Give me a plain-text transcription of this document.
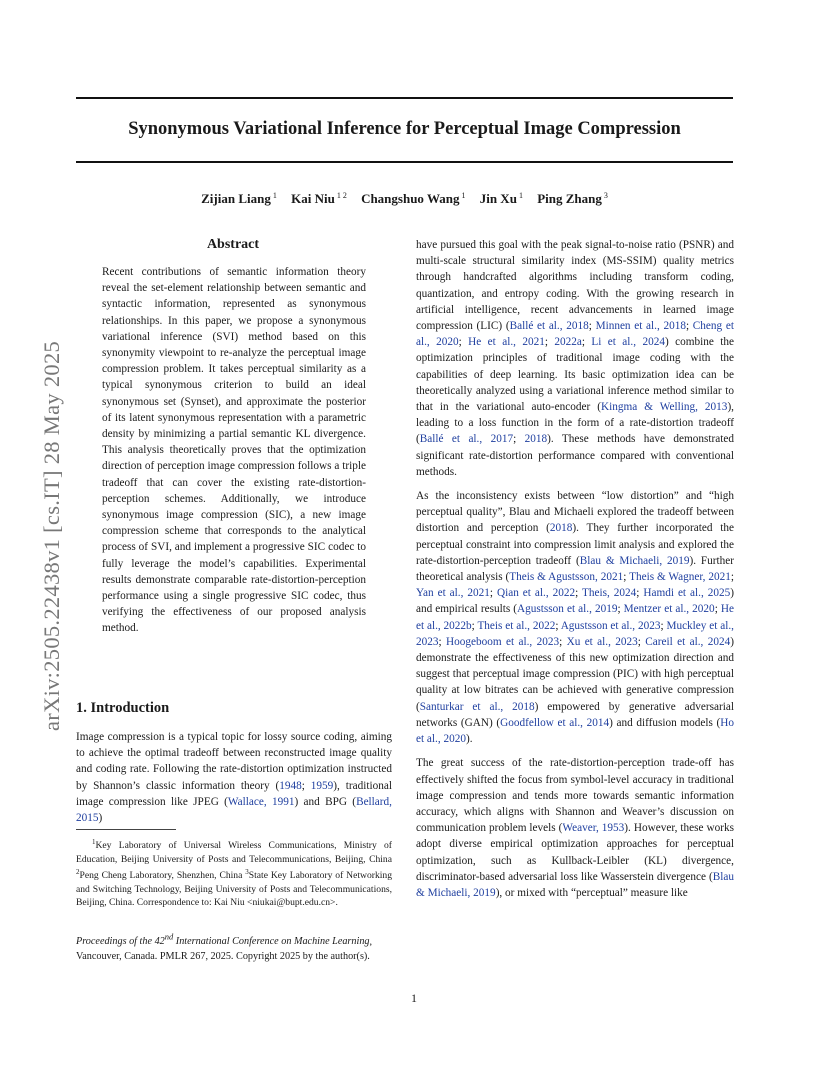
arXiv:2505.22438v1 [cs.IT] 28 May 2025
Synonymous Variational Inference for Perceptual Image Compression
Zijian Liang $^1$ Kai Niu $^{1 2}$ Changshuo Wang $^1$ Jin Xu $^1$ Ping Zhang $^3$
Abstract
Recent contributions of semantic information theory reveal the set-element relationship between semantic and syntactic information, represented as synonymous relationships. In this paper, we propose a synonymous variational inference (SVI) method based on this synonymity viewpoint to re-analyze the perceptual image compression problem. It takes perceptual similarity as a typical synonymous criterion to build an ideal synonymous set (Synset), and approximate the posterior of its latent synonymous representation with a parametric density by minimizing a partial semantic KL divergence. This analysis theoretically proves that the optimization direction of perception image compression follows a triple tradeoff that can cover the existing rate-distortion-perception schemes. Additionally, we introduce synonymous image compression (SIC), a new image compression scheme that corresponds to the analytical process of SVI, and implement a progressive SIC codec to fully leverage the model’s capabilities. Experimental results demonstrate comparable rate-distortion-perception performance using a single progressive SIC codec, thus verifying the effectiveness of our proposed analysis method.
1. Introduction
Image compression is a typical topic for lossy source coding, aiming to achieve the optimal tradeoff between reconstructed image quality and coding rate. Following the rate-distortion optimization instructed by Shannon’s classic information theory (1948; 1959), traditional image compression like JPEG (Wallace, 1991) and BPG (Bellard, 2015)
$^1$Key Laboratory of Universal Wireless Communications, Ministry of Education, Beijing University of Posts and Telecommunications, Beijing, China $^2$Peng Cheng Laboratory, Shenzhen, China $^3$State Key Laboratory of Networking and Switching Technology, Beijing University of Posts and Telecommunications, Beijing, China. Correspondence to: Kai Niu <niukai@bupt.edu.cn>.
Proceedings of the 42nd International Conference on Machine Learning, Vancouver, Canada. PMLR 267, 2025. Copyright 2025 by the author(s).
have pursued this goal with the peak signal-to-noise ratio (PSNR) and multi-scale structural similarity index (MS-SSIM) quality metrics through handcrafted algorithms including transform coding, quantization, and entropy coding. With the growing research in artificial intelligence, recent advancements in learned image compression (LIC) (Ballé et al., 2018; Minnen et al., 2018; Cheng et al., 2020; He et al., 2021; 2022a; Li et al., 2024) combine the optimization principles of traditional image coding with the capabilities of deep learning. Its basic optimization idea can be theoretically analyzed using a variational inference method similar to that in the variational auto-encoder (Kingma & Welling, 2013), leading to a loss function in the form of a rate-distortion tradeoff (Ballé et al., 2017; 2018). These methods have demonstrated significant rate-distortion performance compared with conventional methods.
As the inconsistency exists between “low distortion” and “high perceptual quality”, Blau and Michaeli explored the tradeoff between distortion and perception (2018). They further incorporated the perceptual constraint into compression limit analysis and explored the rate-distortion-perception tradeoff (Blau & Michaeli, 2019). Further theoretical analysis (Theis & Agustsson, 2021; Theis & Wagner, 2021; Yan et al., 2021; Qian et al., 2022; Theis, 2024; Hamdi et al., 2025) and empirical results (Agustsson et al., 2019; Mentzer et al., 2020; He et al., 2022b; Theis et al., 2022; Agustsson et al., 2023; Muckley et al., 2023; Hoogeboom et al., 2023; Xu et al., 2023; Careil et al., 2024) demonstrate the effectiveness of this new optimization direction and suggest that perceptual image compression (PIC) with high perceptual quality at low bitrates can be achieved with generative compression (Santurkar et al., 2018) empowered by generative adversarial networks (GAN) (Goodfellow et al., 2014) and diffusion models (Ho et al., 2020).
The great success of the rate-distortion-perception trade-off has effectively shifted the focus from symbol-level accuracy in traditional image compression and tends more towards semantic information accuracy, which aligns with Shannon and Weaver’s discussion on communication problem levels (Weaver, 1953). However, these works adopt diverse empirical optimization approaches for perceptual optimization, such as Kullback-Leibler (KL) divergence, discriminator-based adversarial loss like Wasserstein divergence (Blau & Michaeli, 2019), or mixed with “perceptual” measure like
1
